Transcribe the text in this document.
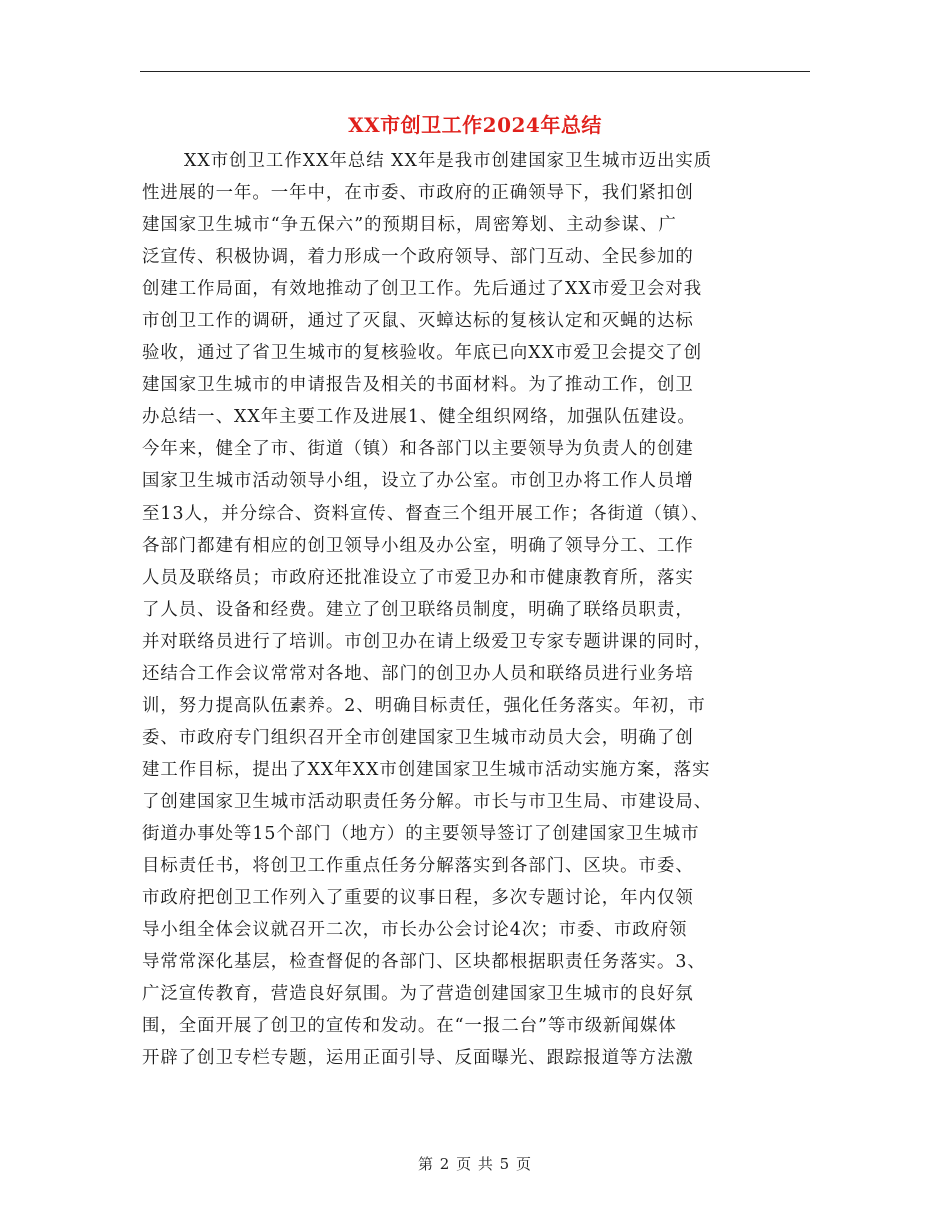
XX市创卫工作2024年总结
XX市创卫工作XX年总结 XX年是我市创建国家卫生城市迈出实质
性进展的一年。一年中，在市委、市政府的正确领导下，我们紧扣创
建国家卫生城市“争五保六”的预期目标，周密筹划、主动参谋、广
泛宣传、积极协调，着力形成一个政府领导、部门互动、全民参加的
创建工作局面，有效地推动了创卫工作。先后通过了XX市爱卫会对我
市创卫工作的调研，通过了灭鼠、灭蟑达标的复核认定和灭蝇的达标
验收，通过了省卫生城市的复核验收。年底已向XX市爱卫会提交了创
建国家卫生城市的申请报告及相关的书面材料。为了推动工作，创卫
办总结一、XX年主要工作及进展1、健全组织网络，加强队伍建设。
今年来，健全了市、街道（镇）和各部门以主要领导为负责人的创建
国家卫生城市活动领导小组，设立了办公室。市创卫办将工作人员增
至13人，并分综合、资料宣传、督查三个组开展工作；各街道（镇）、
各部门都建有相应的创卫领导小组及办公室，明确了领导分工、工作
人员及联络员；市政府还批准设立了市爱卫办和市健康教育所，落实
了人员、设备和经费。建立了创卫联络员制度，明确了联络员职责，
并对联络员进行了培训。市创卫办在请上级爱卫专家专题讲课的同时，
还结合工作会议常常对各地、部门的创卫办人员和联络员进行业务培
训，努力提高队伍素养。2、明确目标责任，强化任务落实。年初，市
委、市政府专门组织召开全市创建国家卫生城市动员大会，明确了创
建工作目标，提出了XX年XX市创建国家卫生城市活动实施方案，落实
了创建国家卫生城市活动职责任务分解。市长与市卫生局、市建设局、
街道办事处等15个部门（地方）的主要领导签订了创建国家卫生城市
目标责任书，将创卫工作重点任务分解落实到各部门、区块。市委、
市政府把创卫工作列入了重要的议事日程，多次专题讨论，年内仅领
导小组全体会议就召开二次，市长办公会讨论4次；市委、市政府领
导常常深化基层，检查督促的各部门、区块都根据职责任务落实。3、
广泛宣传教育，营造良好氛围。为了营造创建国家卫生城市的良好氛
围，全面开展了创卫的宣传和发动。在“一报二台”等市级新闻媒体
开辟了创卫专栏专题，运用正面引导、反面曝光、跟踪报道等方法激
第 2 页 共 5 页
